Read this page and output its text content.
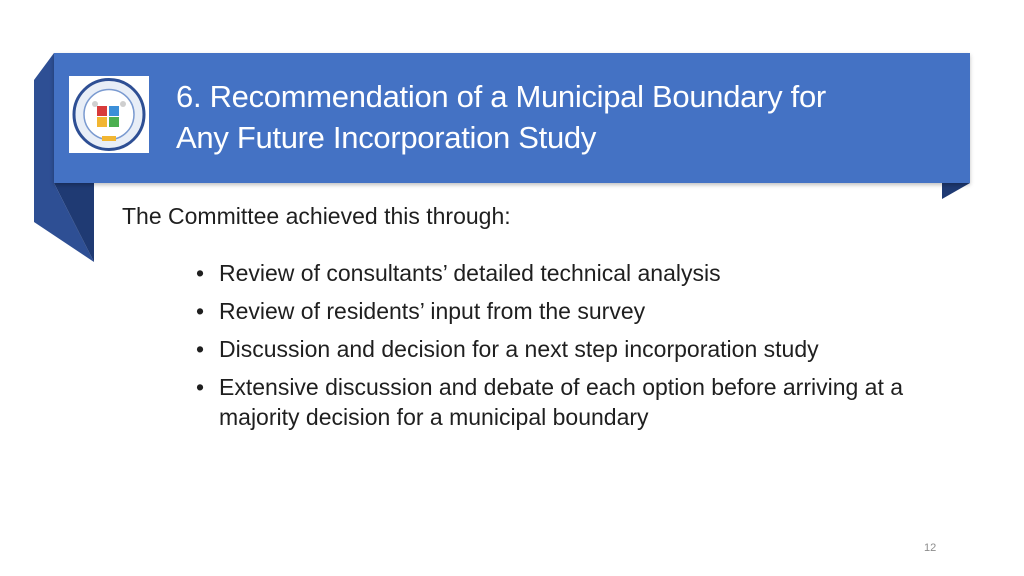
6. Recommendation of a Municipal Boundary for
Any Future Incorporation Study
The Committee achieved this through:
• Review of consultants’ detailed technical analysis
• Review of residents’ input from the survey
• Discussion and decision for a next step incorporation study
• Extensive discussion and debate of each option before arriving at a majority decision for a municipal boundary
12
